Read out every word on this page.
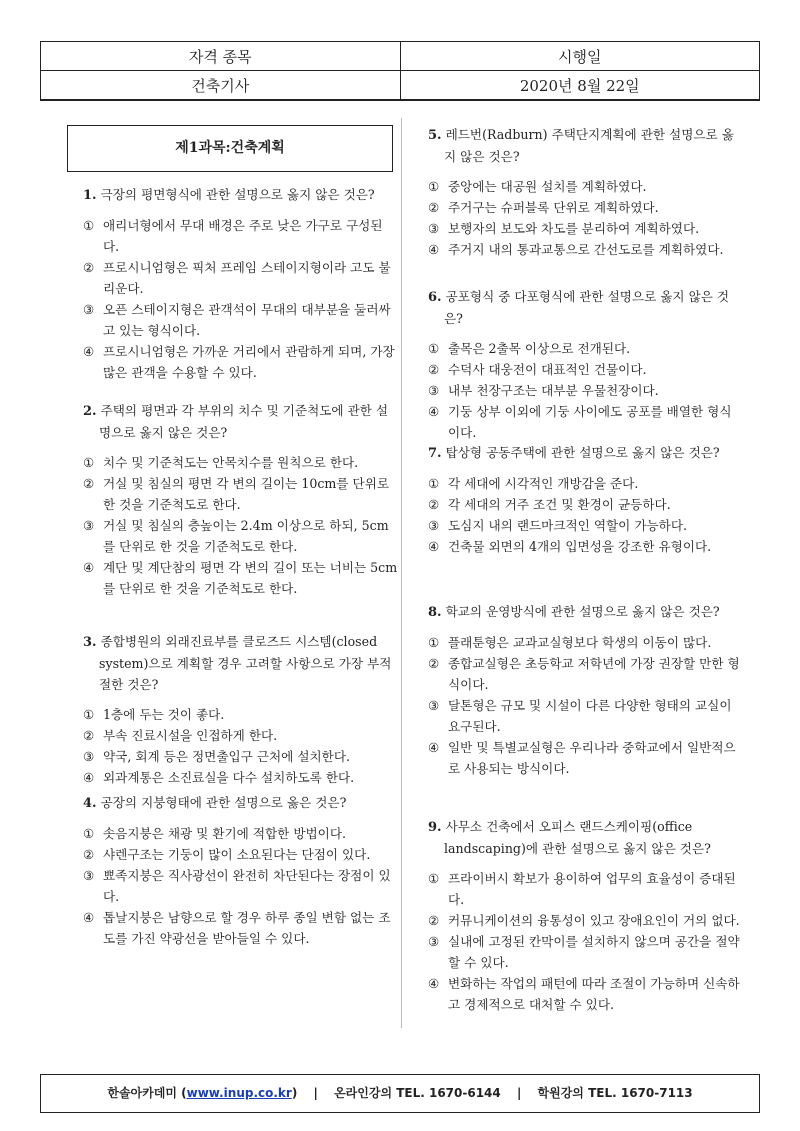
자격 종목	시행일
건축기사	2020년 8월 22일
제1과목:건축계획

1. 극장의 평면형식에 관한 설명으로 옳지 않은 것은?

① 애리너형에서 무대 배경은 주로 낮은 가구로 구성된다.

② 프로시니엄형은 픽처 프레임 스테이지형이라 고도 불리운다.

③ 오픈 스테이지형은 관객석이 무대의 대부분을 둘러싸고 있는 형식이다.

④ 프로시니엄형은 가까운 거리에서 관람하게 되며, 가장 많은 관객을 수용할 수 있다.

2. 주택의 평면과 각 부위의 치수 및 기준척도에 관한 설명으로 옳지 않은 것은?

① 치수 및 기준척도는 안목치수를 원칙으로 한다.

② 거실 및 침실의 평면 각 변의 길이는 10cm를 단위로 한 것을 기준척도로 한다.

③ 거실 및 침실의 층높이는 2.4m 이상으로 하되, 5cm를 단위로 한 것을 기준척도로 한다.

④ 계단 및 계단참의 평면 각 변의 길이 또는 너비는 5cm를 단위로 한 것을 기준척도로 한다.

3. 종합병원의 외래진료부를 클로즈드 시스템(closed system)으로 계획할 경우 고려할 사항으로 가장 부적절한 것은?

① 1층에 두는 것이 좋다.

② 부속 진료시설을 인접하게 한다.

③ 약국, 회계 등은 정면출입구 근처에 설치한다.

④ 외과계통은 소진료실을 다수 설치하도록 한다.

4. 공장의 지붕형태에 관한 설명으로 옳은 것은?

① 솟음지붕은 채광 및 환기에 적합한 방법이다.

② 샤렌구조는 기둥이 많이 소요된다는 단점이 있다.

③ 뾰족지붕은 직사광선이 완전히 차단된다는 장점이 있다.

④ 톱날지붕은 남향으로 할 경우 하루 종일 변함 없는 조도를 가진 약광선을 받아들일 수 있다.

5. 레드번(Radburn) 주택단지계획에 관한 설명으로 옳지 않은 것은?

① 중앙에는 대공원 설치를 계획하였다.

② 주거구는 슈퍼블록 단위로 계획하였다.

③ 보행자의 보도와 차도를 분리하여 계획하였다.

④ 주거지 내의 통과교통으로 간선도로를 계획하였다.

6. 공포형식 중 다포형식에 관한 설명으로 옳지 않은 것은?

① 출목은 2출목 이상으로 전개된다.

② 수덕사 대웅전이 대표적인 건물이다.

③ 내부 천장구조는 대부분 우물천장이다.

④ 기둥 상부 이외에 기둥 사이에도 공포를 배열한 형식이다.

7. 탑상형 공동주택에 관한 설명으로 옳지 않은 것은?

① 각 세대에 시각적인 개방감을 준다.

② 각 세대의 거주 조건 및 환경이 균등하다.

③ 도심지 내의 랜드마크적인 역할이 가능하다.

④ 건축물 외면의 4개의 입면성을 강조한 유형이다.

8. 학교의 운영방식에 관한 설명으로 옳지 않은 것은?

① 플래툰형은 교과교실형보다 학생의 이동이 많다.

② 종합교실형은 초등학교 저학년에 가장 권장할 만한 형식이다.

③ 달톤형은 규모 및 시설이 다른 다양한 형태의 교실이 요구된다.

④ 일반 및 특별교실형은 우리나라 중학교에서 일반적으로 사용되는 방식이다.

9. 사무소 건축에서 오피스 랜드스케이핑(office landscaping)에 관한 설명으로 옳지 않은 것은?

① 프라이버시 확보가 용이하여 업무의 효율성이 증대된다.

② 커뮤니케이션의 융통성이 있고 장애요인이 거의 없다.

③ 실내에 고정된 칸막이를 설치하지 않으며 공간을 절약할 수 있다.

④ 변화하는 작업의 패턴에 따라 조절이 가능하며 신속하고 경제적으로 대처할 수 있다.

한솔아카데미 (www.inup.co.kr) | 온라인강의 TEL. 1670-6144 | 학원강의 TEL. 1670-7113
